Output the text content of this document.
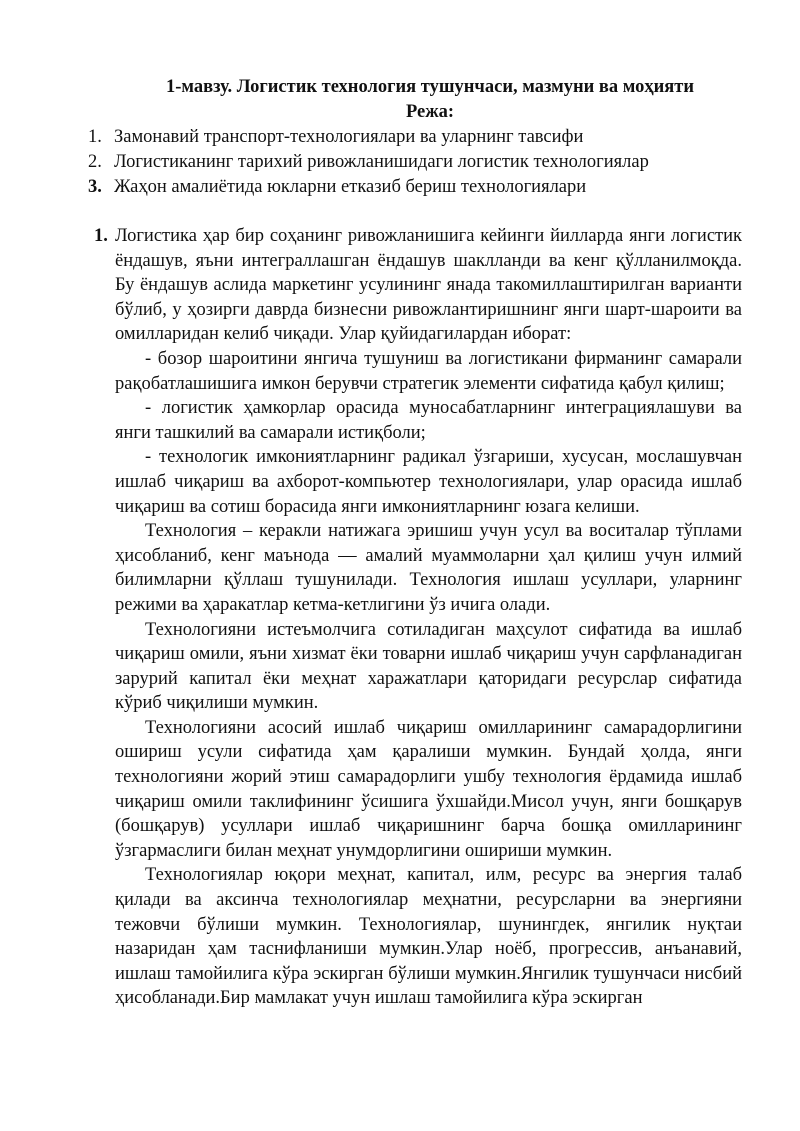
1-мавзу. Логистик технология тушунчаси, мазмуни ва моҳияти
Режа:
1. Замонавий транспорт-технологиялари ва уларнинг тавсифи
2. Логистиканинг тарихий ривожланишидаги логистик технологиялар
3. Жаҳон амалиётида юкларни етказиб бериш технологиялари
1. Логистика ҳар бир соҳанинг ривожланишига кейинги йилларда янги логистик ёндашув, яъни интеграллашган ёндашув шаклланди ва кенг қўлланилмоқда. Бу ёндашув аслида маркетинг усулининг янада такомиллаштирилган варианти бўлиб, у ҳозирги даврда бизнесни ривожлантиришнинг янги шарт-шароити ва омилларидан келиб чиқади. Улар қуйидагилардан иборат:

- бозор шароитини янгича тушуниш ва логистикани фирманинг самарали рақобатлашишига имкон берувчи стратегик элементи сифатида қабул қилиш;

- логистик ҳамкорлар орасида муносабатларнинг интеграциялашуви ва янги ташкилий ва самарали истиқболи;

- технологик имкониятларнинг радикал ўзгариши, хусусан, мослашувчан ишлаб чиқариш ва ахборот-компьютер технологиялари, улар орасида ишлаб чиқариш ва сотиш борасида янги имкониятларнинг юзага келиши.

Технология – керакли натижага эришиш учун усул ва воситалар тўплами ҳисобланиб, кенг маънода — амалий муаммоларни ҳал қилиш учун илмий билимларни қўллаш тушунилади. Технология ишлаш усуллари, уларнинг режими ва ҳаракатлар кетма-кетлигини ўз ичига олади.

Технологияни истеъмолчига сотиладиган маҳсулот сифатида ва ишлаб чиқариш омили, яъни хизмат ёки товарни ишлаб чиқариш учун сарфланадиган зарурий капитал ёки меҳнат харажатлари қаторидаги ресурслар сифатида кўриб чиқилиши мумкин.

Технологияни асосий ишлаб чиқариш омилларининг самарадорлигини ошириш усули сифатида ҳам қаралиши мумкин. Бундай ҳолда, янги технологияни жорий этиш самарадорлиги ушбу технология ёрдамида ишлаб чиқариш омили таклифининг ўсишига ўхшайди.Мисол учун, янги бошқарув (бошқарув) усуллари ишлаб чиқаришнинг барча бошқа омилларининг ўзгармаслиги билан меҳнат унумдорлигини ошириши мумкин.

Технологиялар юқори меҳнат, капитал, илм, ресурс ва энергия талаб қилади ва аксинча технологиялар меҳнатни, ресурсларни ва энергияни тежовчи бўлиши мумкин. Технологиялар, шунингдек, янгилик нуқтаи назаридан ҳам таснифланиши мумкин.Улар ноёб, прогрессив, анъанавий, ишлаш тамойилига кўра эскирган бўлиши мумкин.Янгилик тушунчаси нисбий ҳисобланади.Бир мамлакат учун ишлаш тамойилига кўра эскирган
